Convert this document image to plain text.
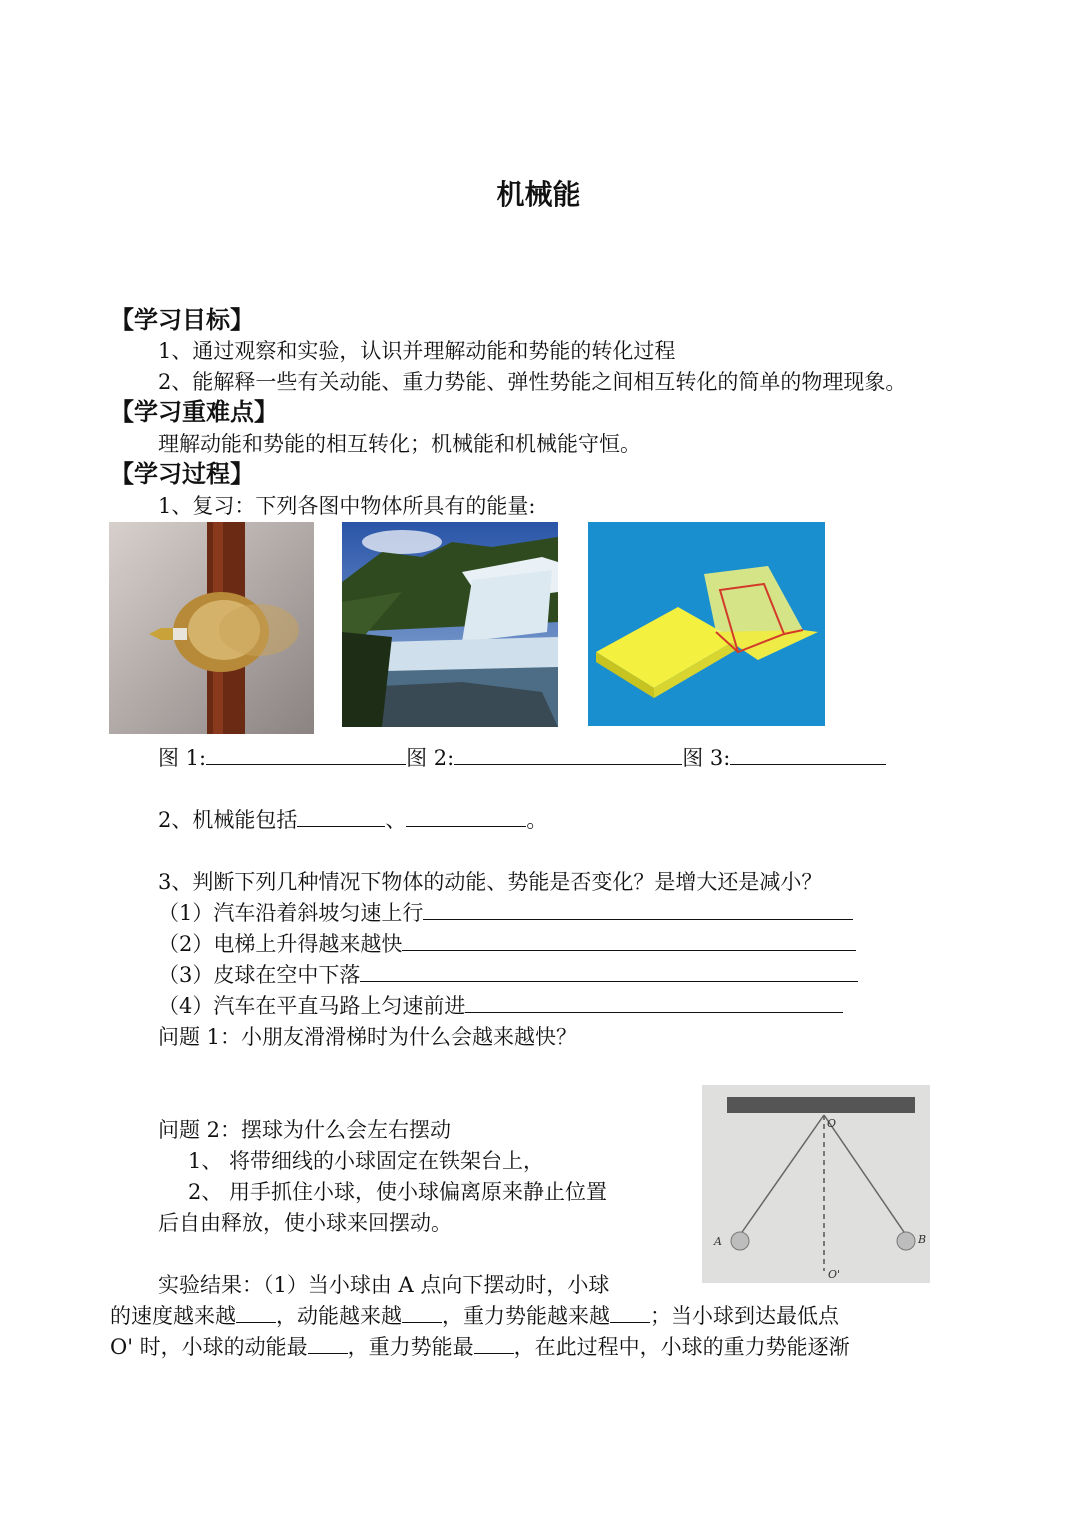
机械能
【学习目标】
1、通过观察和实验，认识并理解动能和势能的转化过程
2、能解释一些有关动能、重力势能、弹性势能之间相互转化的简单的物理现象。
【学习重难点】
理解动能和势能的相互转化；机械能和机械能守恒。
【学习过程】
1、复习：下列各图中物体所具有的能量:
图 1:	图 2:	图 3:
2、机械能包括	、	。
3、判断下列几种情况下物体的动能、势能是否变化？是增大还是减小？
（1）汽车沿着斜坡匀速上行
（2）电梯上升得越来越快
（3）皮球在空中下落
（4）汽车在平直马路上匀速前进
问题 1：小朋友滑滑梯时为什么会越来越快？
O
O'
A	B
问题 2：摆球为什么会左右摆动
1、 将带细线的小球固定在铁架台上，
2、 用手抓住小球，使小球偏离原来静止位置
后自由释放，使小球来回摆动。
实验结果：（1）当小球由 A 点向下摆动时，小球
的速度越来越 ，动能越来越 ，重力势能越来越 ；当小球到达最低点
O' 时，小球的动能最 ，重力势能最 ，在此过程中，小球的重力势能逐渐
